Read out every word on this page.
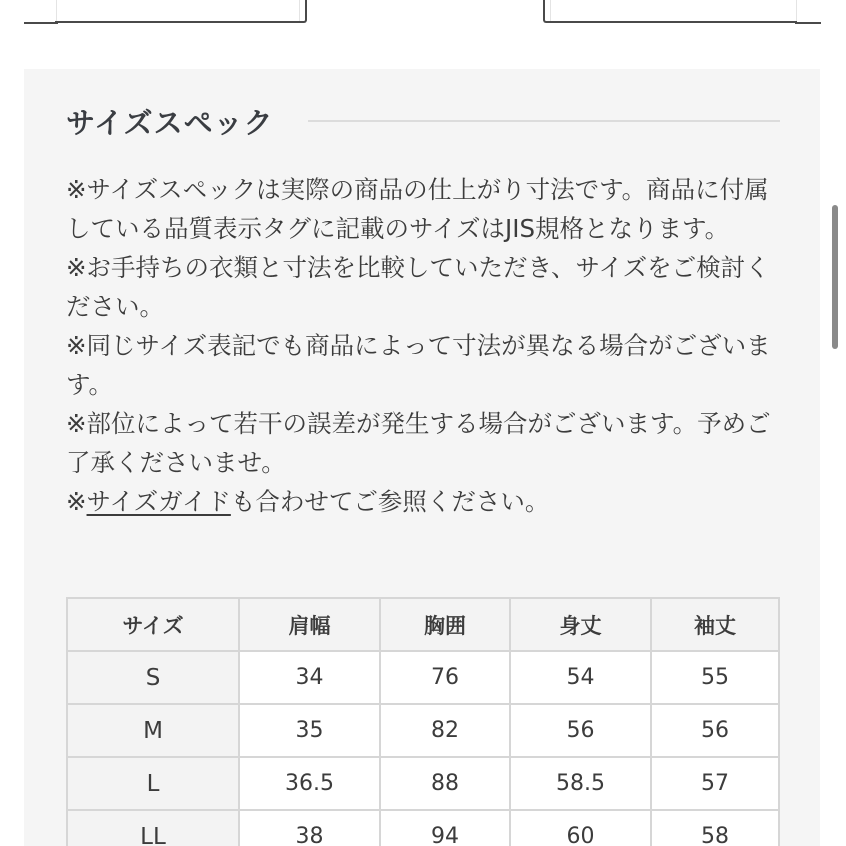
サイズスペック

※サイズスペックは実際の商品の仕上がり寸法です。商品に付属している品質表示タグに記載のサイズはJIS規格となります。

※お手持ちの衣類と寸法を比較していただき、サイズをご検討ください。

※同じサイズ表記でも商品によって寸法が異なる場合がございます。

※部位によって若干の誤差が発生する場合がございます。予めご了承くださいませ。

※サイズガイドも合わせてご参照ください。

サイズ	肩幅	胸囲	身丈	袖丈
S	34	76	54	55
M	35	82	56	56
L	36.5	88	58.5	57
LL	38	94	60	58
